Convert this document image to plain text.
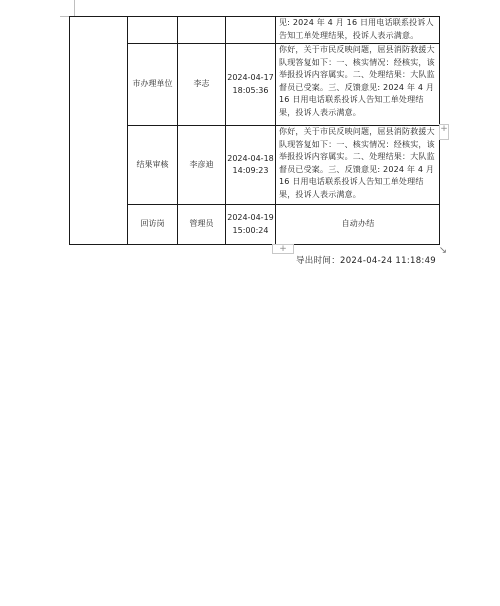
				见: 2024 年 4 月 16 日用电话联系投诉人告知工单处理结果，投诉人表示满意。
	市办理单位	李志	2024-04-17 18:05:36	你好，关于市民反映问题，屈县消防救援大队现答复如下：一、核实情况：经核实，该举报投诉内容属实。二、处理结果：大队监督员已受案。三、反馈意见: 2024 年 4 月 16 日用电话联系投诉人告知工单处理结果，投诉人表示满意。
	结果审核	李彦迪	2024-04-18 14:09:23	你好，关于市民反映问题，屈县消防救援大队现答复如下：一、核实情况：经核实，该举报投诉内容属实。二、处理结果：大队监督员已受案。三、反馈意见: 2024 年 4 月 16 日用电话联系投诉人告知工单处理结果，投诉人表示满意。
	回访岗	管理员	2024-04-19 15:00:24	自动办结
+
+	↘
导出时间：2024-04-24 11:18:49
